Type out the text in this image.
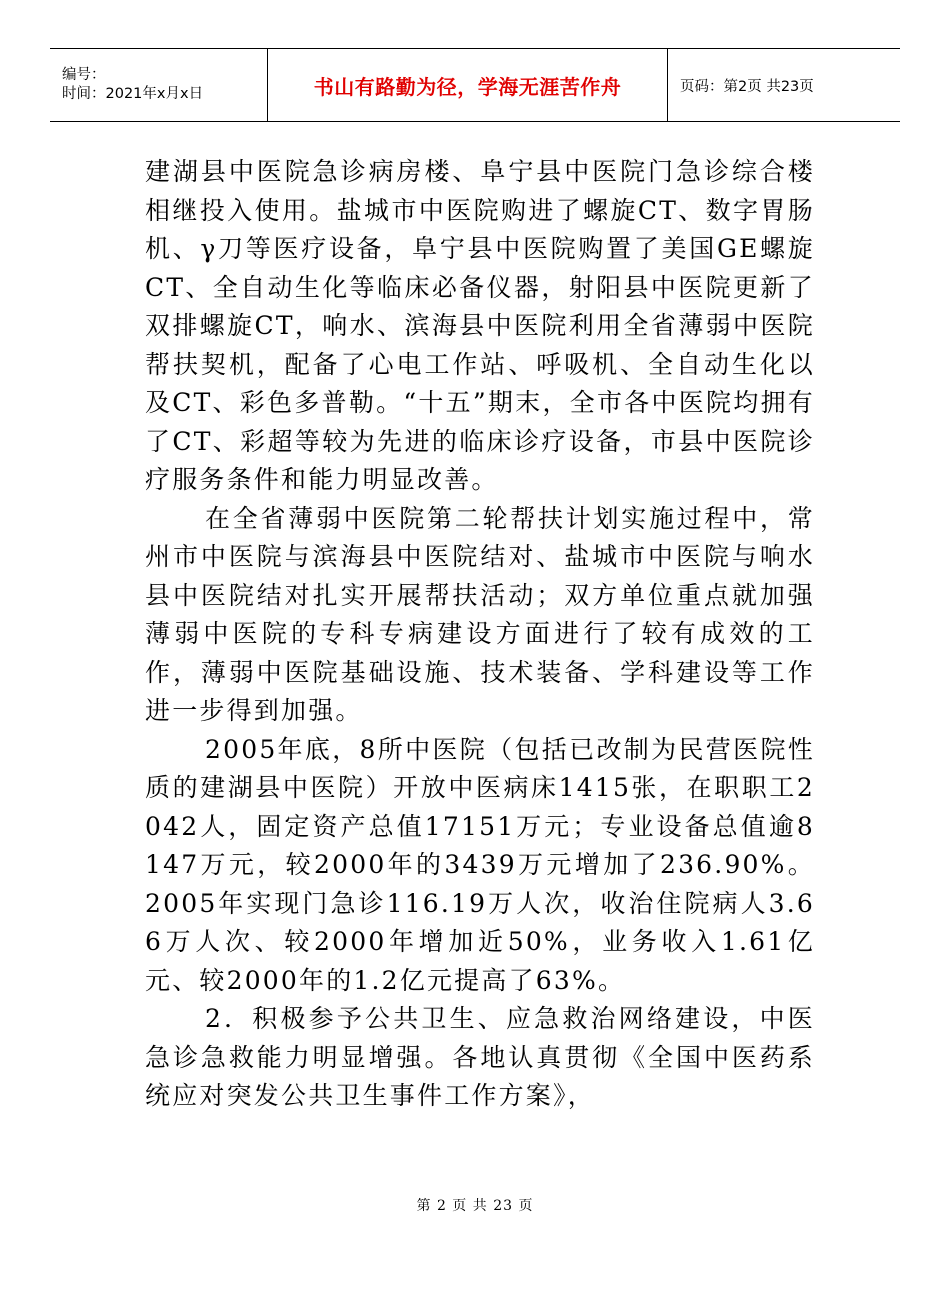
编号：
时间：2021年x月x日	书山有路勤为径，学海无涯苦作舟	页码：第2页 共23页

建湖县中医院急诊病房楼、阜宁县中医院门急诊综合楼相继投入使用。盐城市中医院购进了螺旋CT、数字胃肠机、γ刀等医疗设备，阜宁县中医院购置了美国GE螺旋CT、全自动生化等临床必备仪器，射阳县中医院更新了双排螺旋CT，响水、滨海县中医院利用全省薄弱中医院帮扶契机，配备了心电工作站、呼吸机、全自动生化以及CT、彩色多普勒。“十五”期末，全市各中医院均拥有了CT、彩超等较为先进的临床诊疗设备，市县中医院诊疗服务条件和能力明显改善。

在全省薄弱中医院第二轮帮扶计划实施过程中，常州市中医院与滨海县中医院结对、盐城市中医院与响水县中医院结对扎实开展帮扶活动；双方单位重点就加强薄弱中医院的专科专病建设方面进行了较有成效的工作，薄弱中医院基础设施、技术装备、学科建设等工作进一步得到加强。

2005年底，8所中医院（包括已改制为民营医院性质的建湖县中医院）开放中医病床1415张，在职职工2042人，固定资产总值17151万元；专业设备总值逾8147万元，较2000年的3439万元增加了236.90%。2005年实现门急诊116.19万人次，收治住院病人3.66万人次、较2000年增加近50%，业务收入1.61亿元、较2000年的1.2亿元提高了63%。

2．积极参予公共卫生、应急救治网络建设，中医急诊急救能力明显增强。各地认真贯彻《全国中医药系统应对突发公共卫生事件工作方案》，

第 2 页 共 23 页
